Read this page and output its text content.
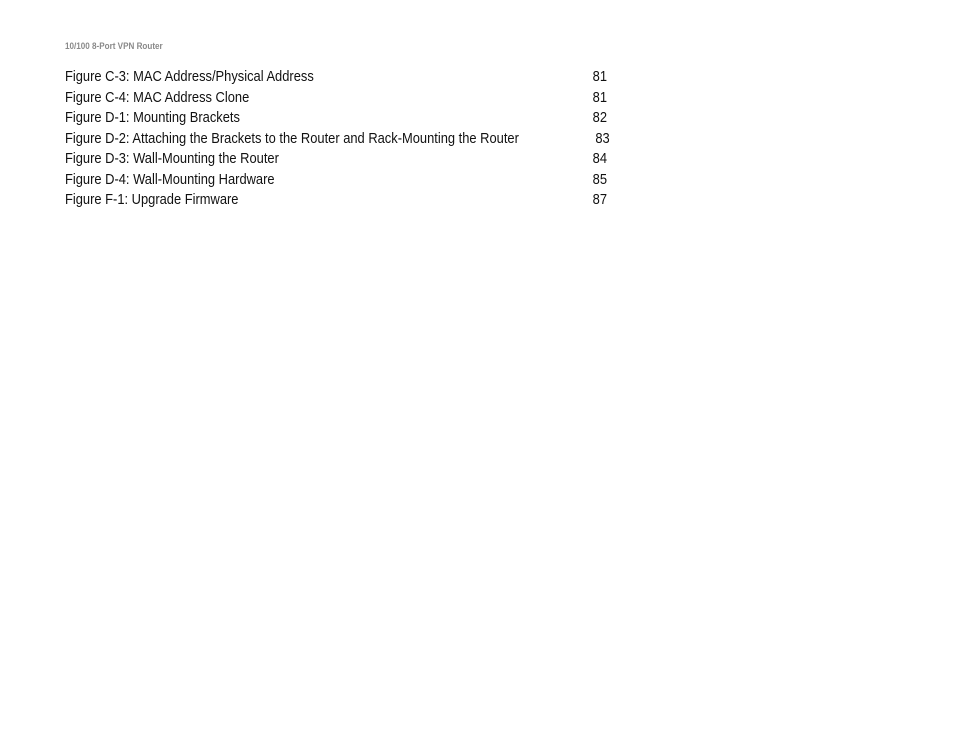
10/100 8-Port VPN Router
Figure C-3: MAC Address/Physical Address	81
Figure C-4: MAC Address Clone	81
Figure D-1: Mounting Brackets	82
Figure D-2: Attaching the Brackets to the Router and Rack-Mounting the Router	83
Figure D-3: Wall-Mounting the Router	84
Figure D-4: Wall-Mounting Hardware	85
Figure F-1: Upgrade Firmware	87
